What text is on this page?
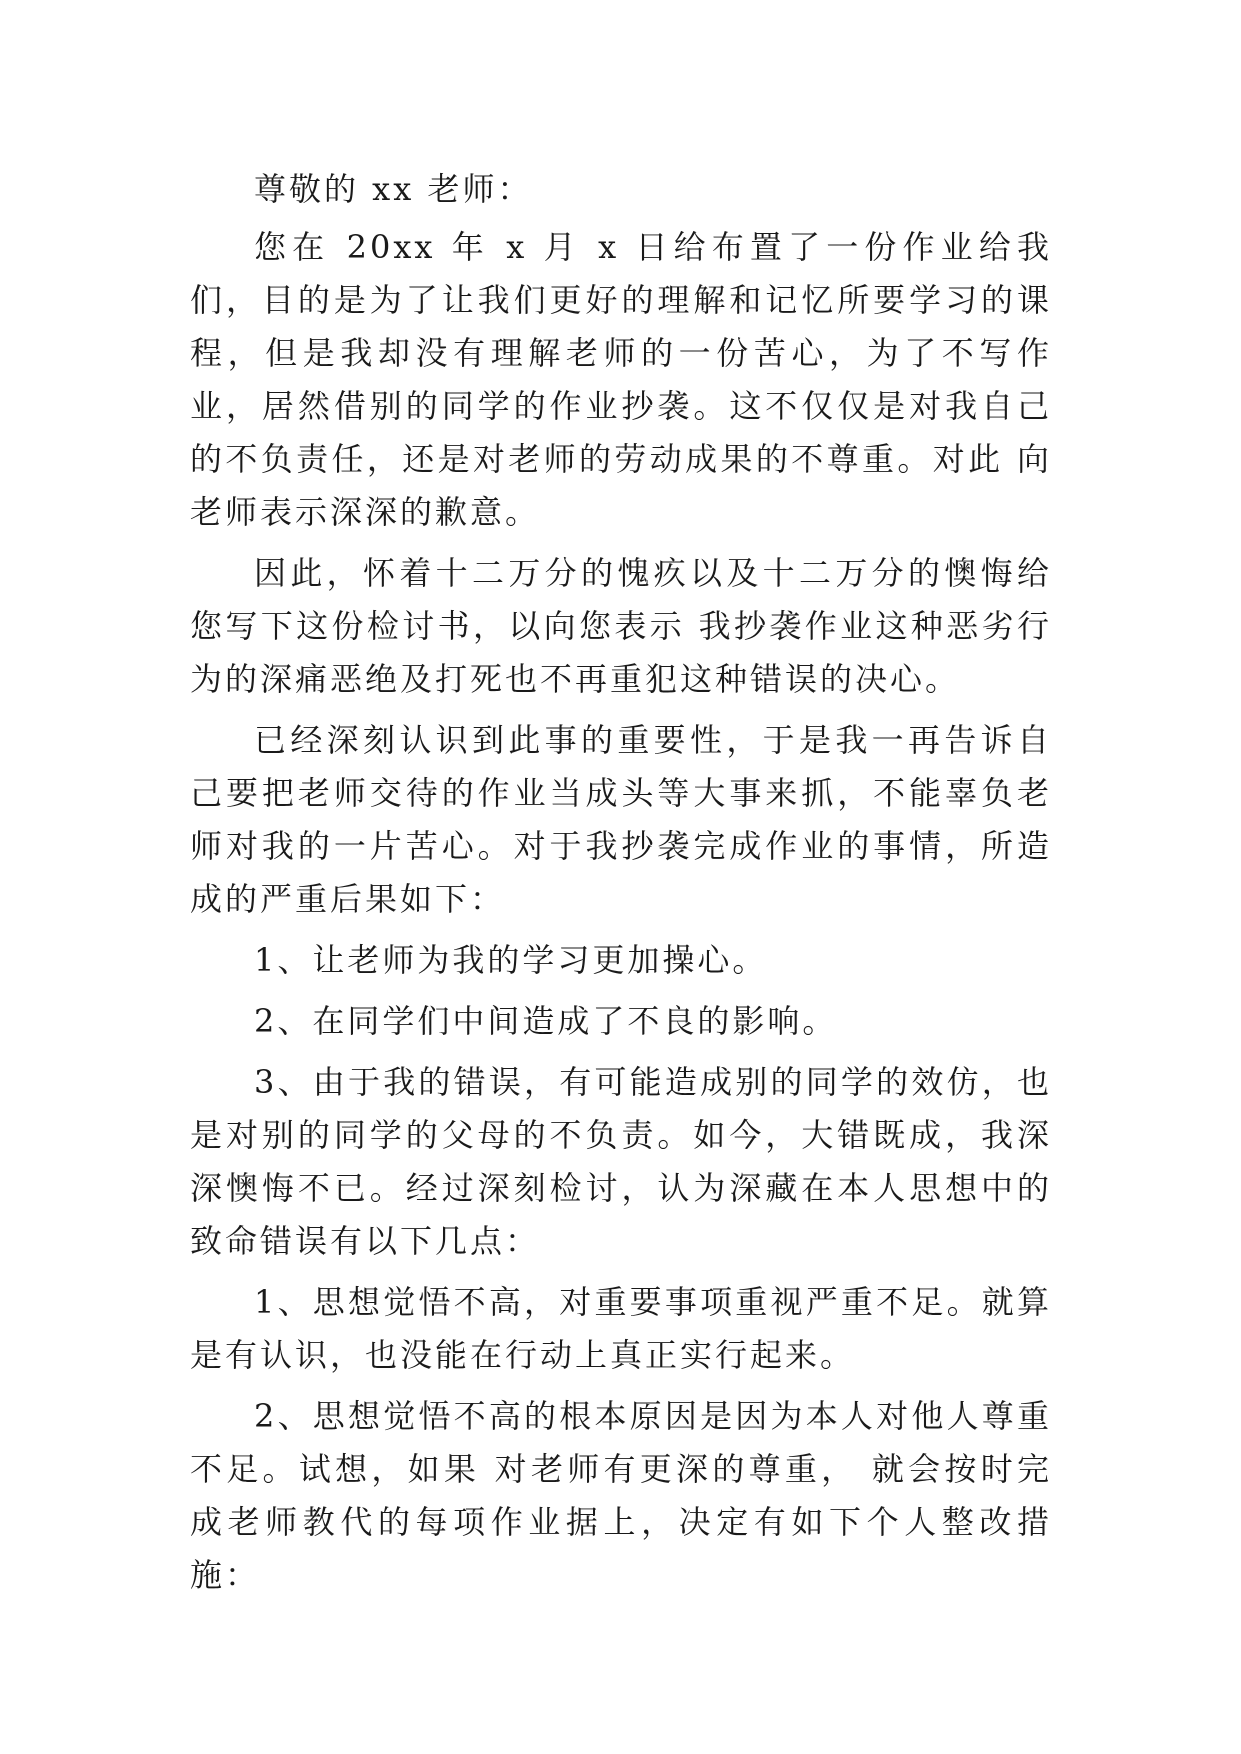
尊敬的 xx 老师：

您在 20xx 年 x 月 x 日给布置了一份作业给我们，目的是为了让我们更好的理解和记忆所要学习的课程，但是我却没有理解老师的一份苦心，为了不写作业，居然借别的同学的作业抄袭。这不仅仅是对我自己的不负责任，还是对老师的劳动成果的不尊重。对此 向老师表示深深的歉意。

因此，怀着十二万分的愧疚以及十二万分的懊悔给您写下这份检讨书，以向您表示 我抄袭作业这种恶劣行为的深痛恶绝及打死也不再重犯这种错误的决心。

已经深刻认识到此事的重要性，于是我一再告诉自己要把老师交待的作业当成头等大事来抓，不能辜负老师对我的一片苦心。对于我抄袭完成作业的事情，所造成的严重后果如下：

1、让老师为我的学习更加操心。

2、在同学们中间造成了不良的影响。

3、由于我的错误，有可能造成别的同学的效仿，也是对别的同学的父母的不负责。如今，大错既成，我深深懊悔不已。经过深刻检讨，认为深藏在本人思想中的致命错误有以下几点：

1、思想觉悟不高，对重要事项重视严重不足。就算是有认识，也没能在行动上真正实行起来。

2、思想觉悟不高的根本原因是因为本人对他人尊重不足。试想，如果 对老师有更深的尊重， 就会按时完成老师教代的每项作业据上，决定有如下个人整改措施：
